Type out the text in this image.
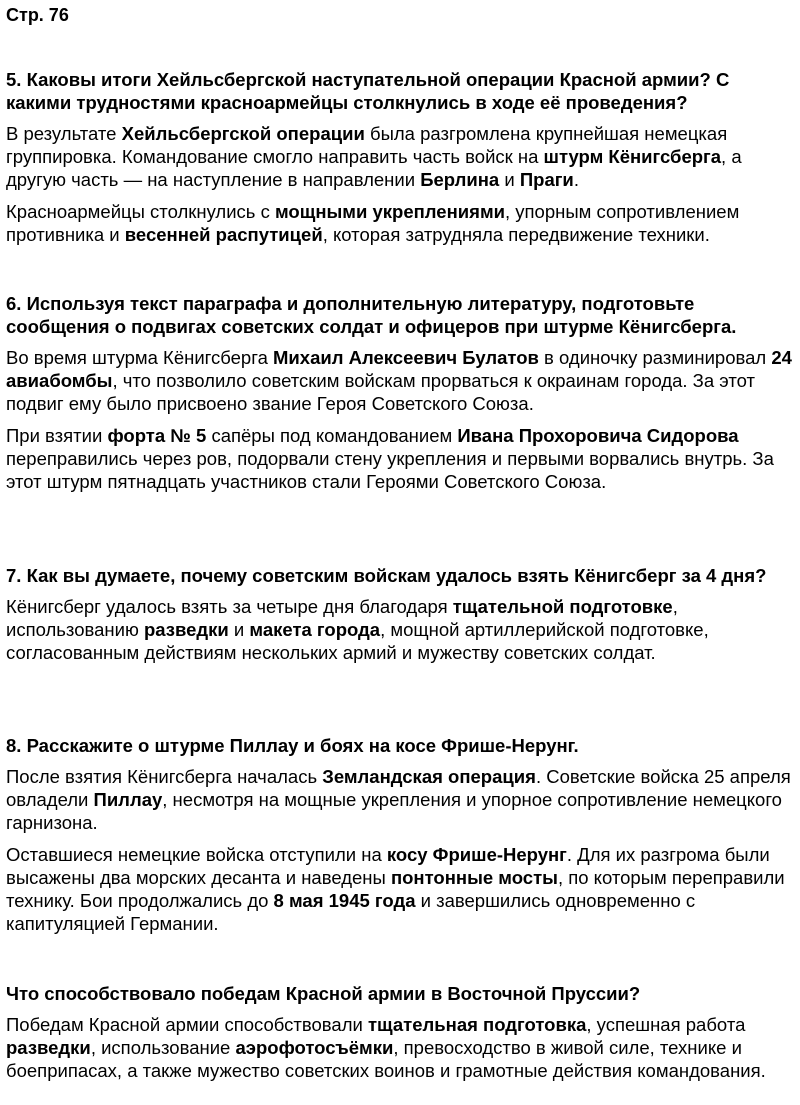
Стр. 76

5. Каковы итоги Хейльсбергской наступательной операции Красной армии? С какими трудностями красноармейцы столкнулись в ходе её проведения?

В результате Хейльсбергской операции была разгромлена крупнейшая немецкая группировка. Командование смогло направить часть войск на штурм Кёнигсберга, а другую часть — на наступление в направлении Берлина и Праги.

Красноармейцы столкнулись с мощными укреплениями, упорным сопротивлением противника и весенней распутицей, которая затрудняла передвижение техники.

6. Используя текст параграфа и дополнительную литературу, подготовьте сообщения о подвигах советских солдат и офицеров при штурме Кёнигсберга.

Во время штурма Кёнигсберга Михаил Алексеевич Булатов в одиночку разминировал 24 авиабомбы, что позволило советским войскам прорваться к окраинам города. За этот подвиг ему было присвоено звание Героя Советского Союза.

При взятии форта № 5 сапёры под командованием Ивана Прохоровича Сидорова переправились через ров, подорвали стену укрепления и первыми ворвались внутрь. За этот штурм пятнадцать участников стали Героями Советского Союза.

7. Как вы думаете, почему советским войскам удалось взять Кёнигсберг за 4 дня?

Кёнигсберг удалось взять за четыре дня благодаря тщательной подготовке, использованию разведки и макета города, мощной артиллерийской подготовке, согласованным действиям нескольких армий и мужеству советских солдат.

8. Расскажите о штурме Пиллау и боях на косе Фрише-Нерунг.

После взятия Кёнигсберга началась Земландская операция. Советские войска 25 апреля овладели Пиллау, несмотря на мощные укрепления и упорное сопротивление немецкого гарнизона.

Оставшиеся немецкие войска отступили на косу Фрише-Нерунг. Для их разгрома были высажены два морских десанта и наведены понтонные мосты, по которым переправили технику. Бои продолжались до 8 мая 1945 года и завершились одновременно с капитуляцией Германии.

Что способствовало победам Красной армии в Восточной Пруссии?

Победам Красной армии способствовали тщательная подготовка, успешная работа разведки, использование аэрофотосъёмки, превосходство в живой силе, технике и боеприпасах, а также мужество советских воинов и грамотные действия командования.
